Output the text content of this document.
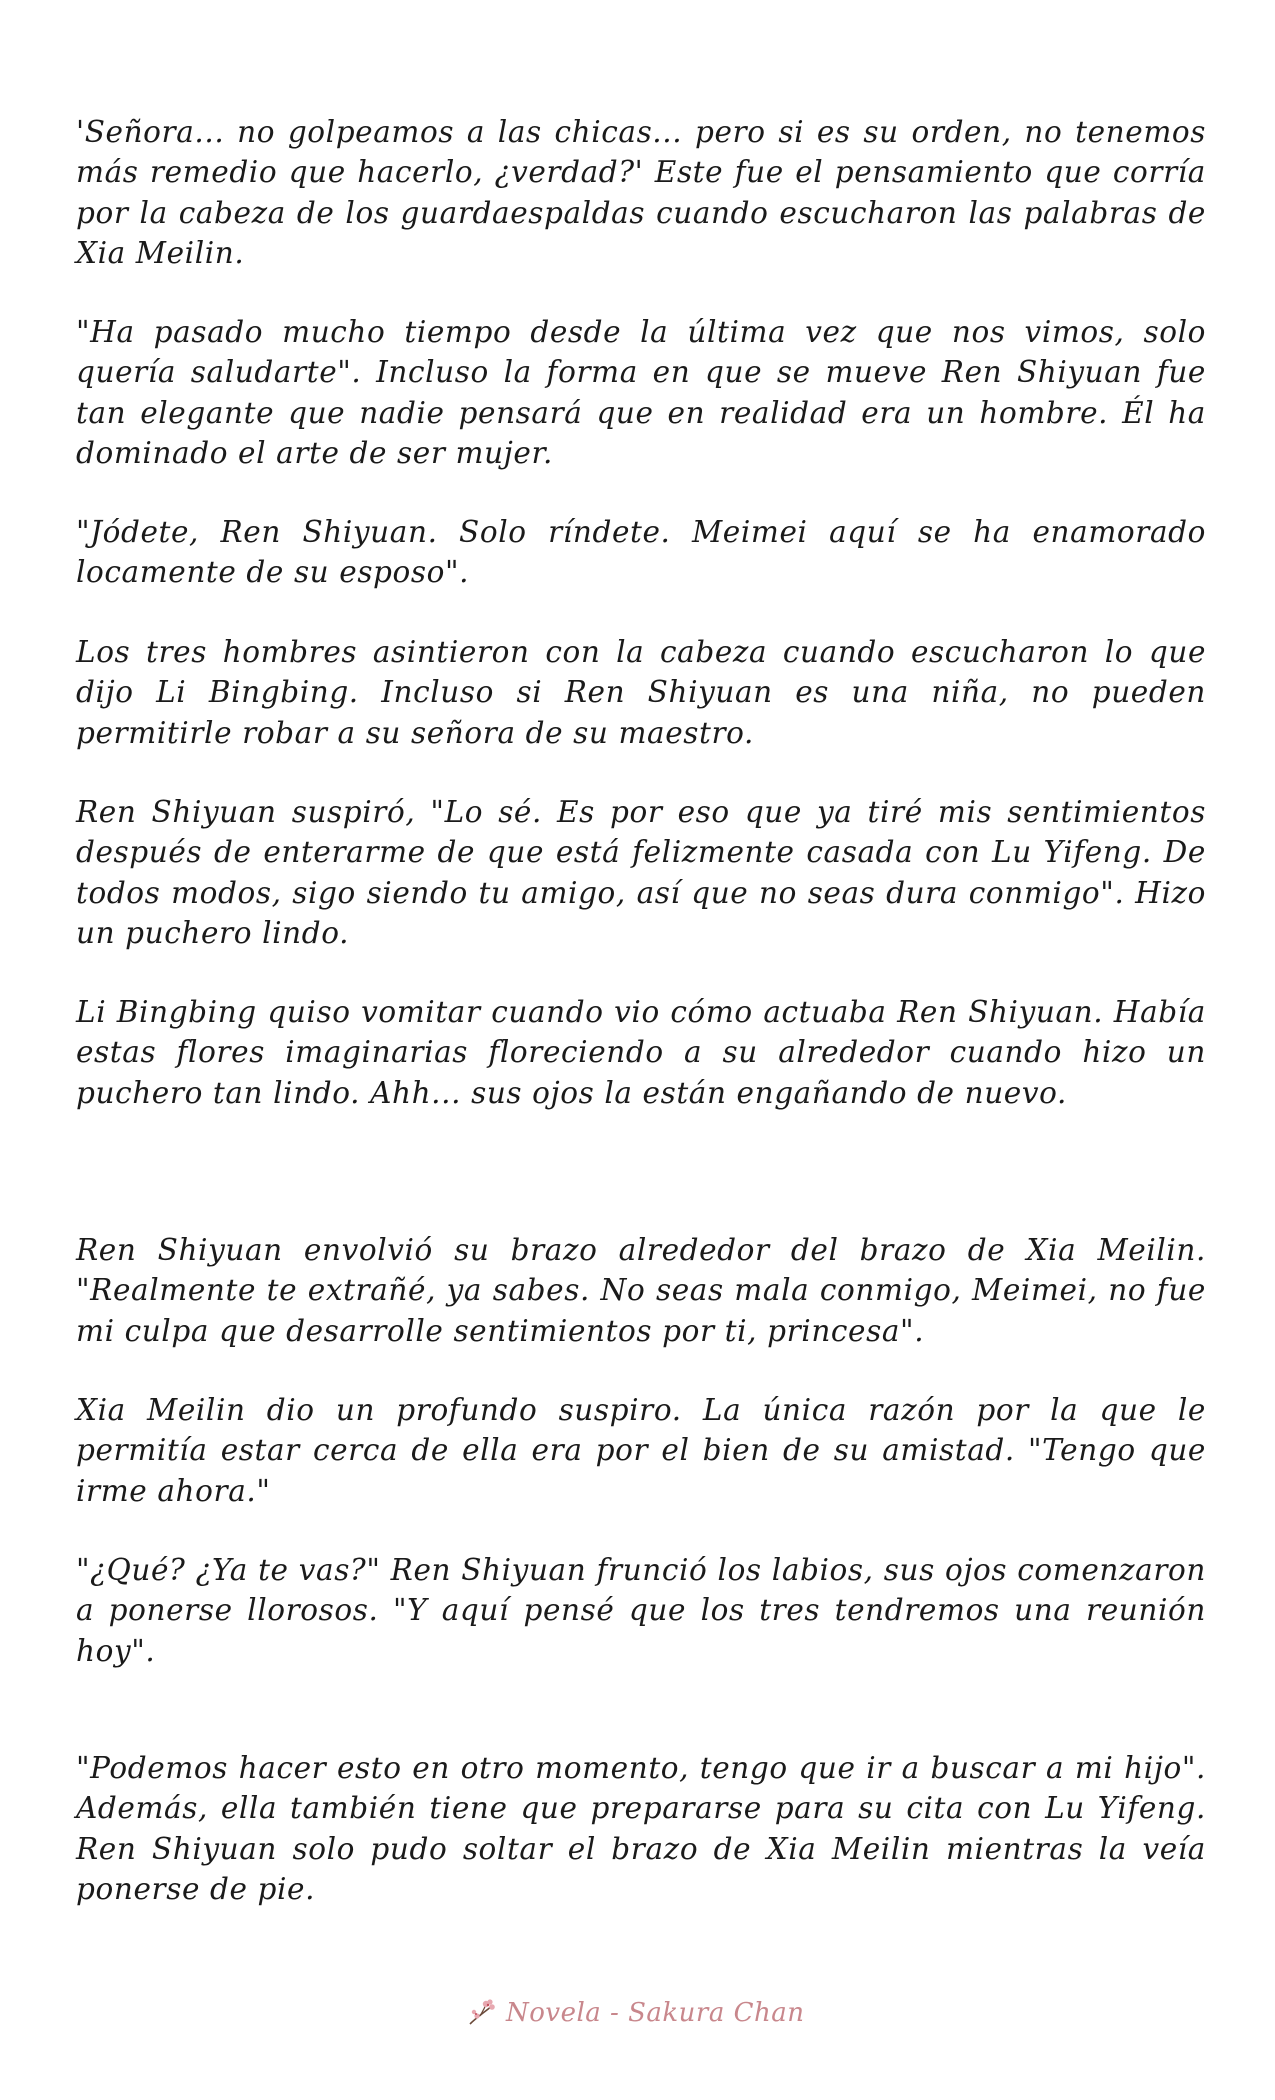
'Señora... no golpeamos a las chicas... pero si es su orden, no tenemos más remedio que hacerlo, ¿verdad?' Este fue el pensamiento que corría por la cabeza de los guardaespaldas cuando escucharon las palabras de Xia Meilin.

"Ha pasado mucho tiempo desde la última vez que nos vimos, solo quería saludarte". Incluso la forma en que se mueve Ren Shiyuan fue tan elegante que nadie pensará que en realidad era un hombre. Él ha dominado el arte de ser mujer.

"Jódete, Ren Shiyuan. Solo ríndete. Meimei aquí se ha enamorado locamente de su esposo".

Los tres hombres asintieron con la cabeza cuando escucharon lo que dijo Li Bingbing. Incluso si Ren Shiyuan es una niña, no pueden permitirle robar a su señora de su maestro.

Ren Shiyuan suspiró, "Lo sé. Es por eso que ya tiré mis sentimientos después de enterarme de que está felizmente casada con Lu Yifeng. De todos modos, sigo siendo tu amigo, así que no seas dura conmigo". Hizo un puchero lindo.

Li Bingbing quiso vomitar cuando vio cómo actuaba Ren Shiyuan. Había estas flores imaginarias floreciendo a su alrededor cuando hizo un puchero tan lindo. Ahh... sus ojos la están engañando de nuevo.

Ren Shiyuan envolvió su brazo alrededor del brazo de Xia Meilin. "Realmente te extrañé, ya sabes. No seas mala conmigo, Meimei, no fue mi culpa que desarrolle sentimientos por ti, princesa".

Xia Meilin dio un profundo suspiro. La única razón por la que le permitía estar cerca de ella era por el bien de su amistad. "Tengo que irme ahora."

"¿Qué? ¿Ya te vas?" Ren Shiyuan frunció los labios, sus ojos comenzaron a ponerse llorosos. "Y aquí pensé que los tres tendremos una reunión hoy".

"Podemos hacer esto en otro momento, tengo que ir a buscar a mi hijo". Además, ella también tiene que prepararse para su cita con Lu Yifeng. Ren Shiyuan solo pudo soltar el brazo de Xia Meilin mientras la veía ponerse de pie.

Novela - Sakura Chan
